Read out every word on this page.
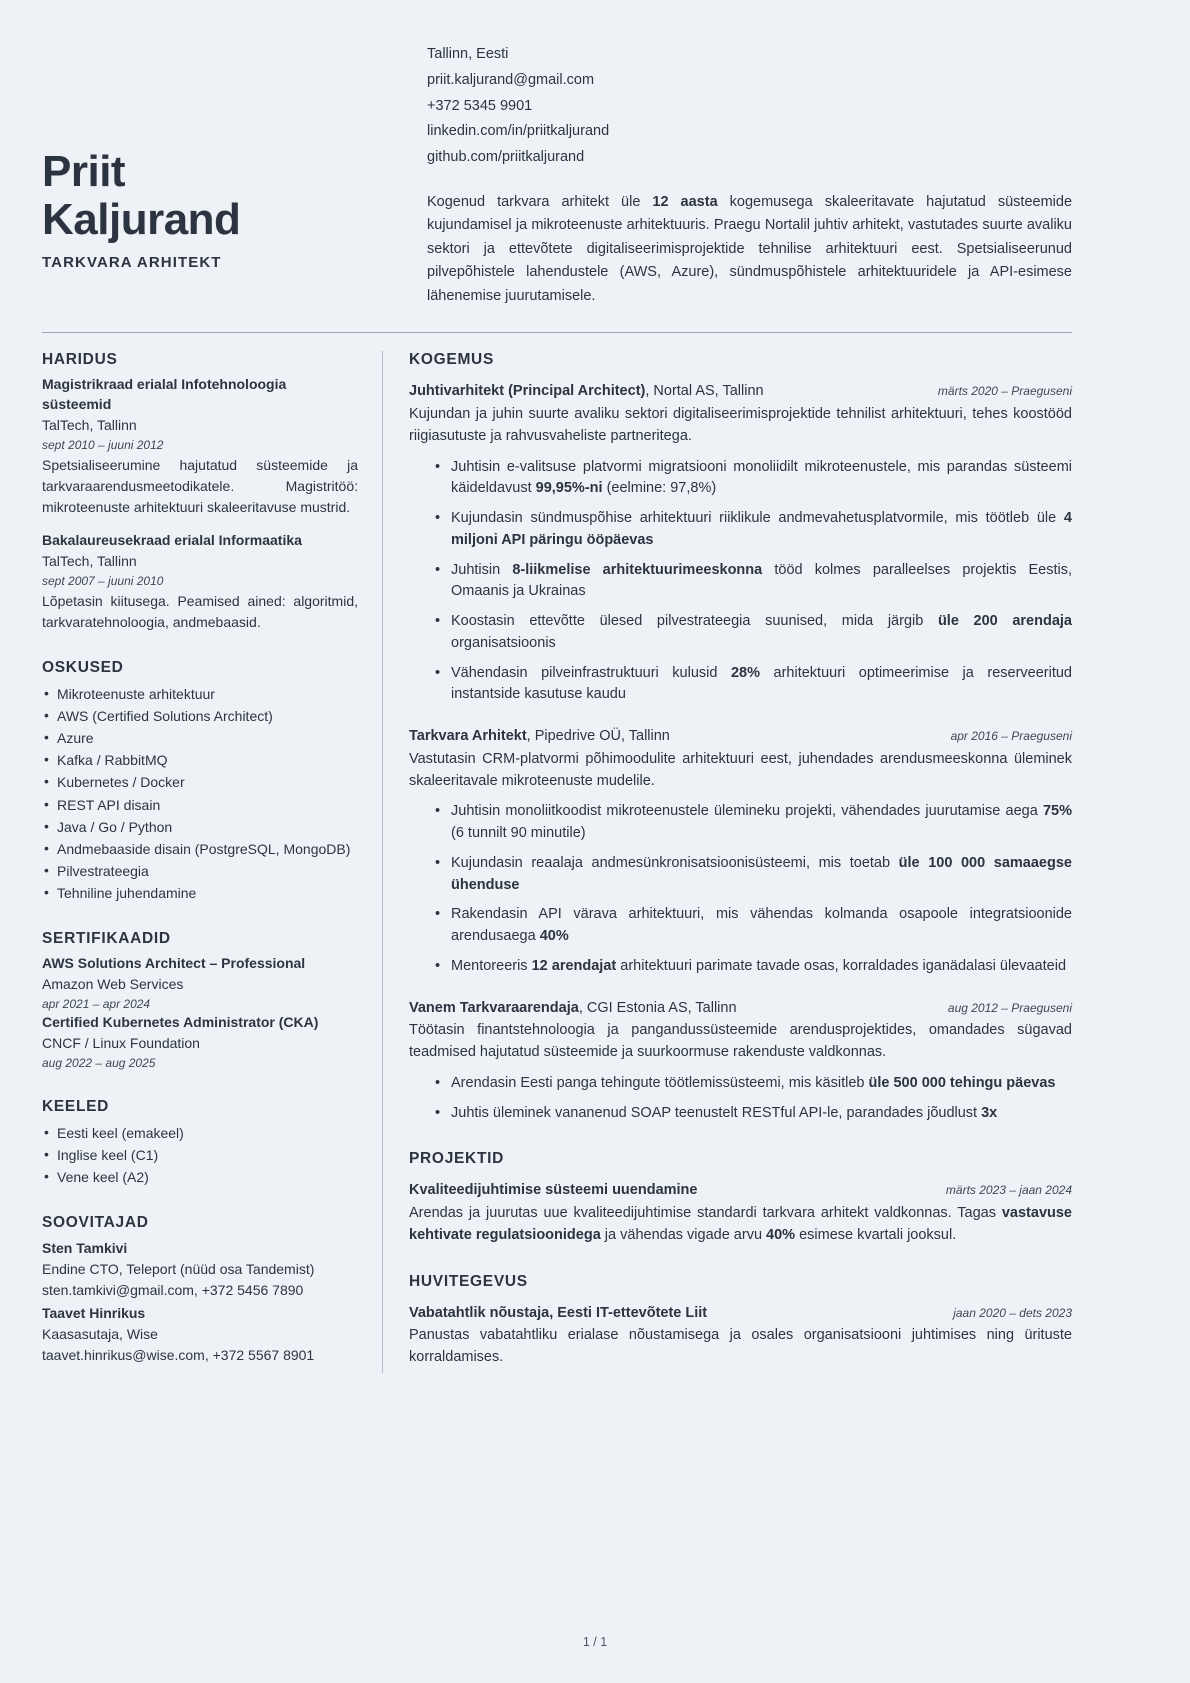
Priit
Kaljurand
TARKVARA ARHITEKT
Tallinn, Eesti
priit.kaljurand@gmail.com
+372 5345 9901
linkedin.com/in/priitkaljurand
github.com/priitkaljurand
Kogenud tarkvara arhitekt üle 12 aasta kogemusega skaleeritavate hajutatud süsteemide kujundamisel ja mikroteenuste arhitektuuris. Praegu Nortalil juhtiv arhitekt, vastutades suurte avaliku sektori ja ettevõtete digitaliseerimisprojektide tehnilise arhitektuuri eest. Spetsialiseerunud pilvepõhistele lahendustele (AWS, Azure), sündmuspõhistele arhitektuuridele ja API-esimese lähenemise juurutamisele.
HARIDUS
Magistrikraad erialal Infotehnoloogia süsteemid
TalTech, Tallinn
sept 2010 – juuni 2012
Spetsialiseerumine hajutatud süsteemide ja tarkvaraarendusmeetodikatele. Magistritöö: mikroteenuste arhitektuuri skaleeritavuse mustrid.
Bakalaureusekraad erialal Informaatika
TalTech, Tallinn
sept 2007 – juuni 2010
Lõpetasin kiitusega. Peamised ained: algoritmid, tarkvaratehnoloogia, andmebaasid.
OSKUSED
• Mikroteenuste arhitektuur
• AWS (Certified Solutions Architect)
• Azure
• Kafka / RabbitMQ
• Kubernetes / Docker
• REST API disain
• Java / Go / Python
• Andmebaaside disain (PostgreSQL, MongoDB)
• Pilvestrateegia
• Tehniline juhendamine
SERTIFIKAADID
AWS Solutions Architect – Professional
Amazon Web Services
apr 2021 – apr 2024
Certified Kubernetes Administrator (CKA)
CNCF / Linux Foundation
aug 2022 – aug 2025
KEELED
• Eesti keel (emakeel)
• Inglise keel (C1)
• Vene keel (A2)
SOOVITAJAD
Sten Tamkivi
Endine CTO, Teleport (nüüd osa Tandemist)
sten.tamkivi@gmail.com, +372 5456 7890
Taavet Hinrikus
Kaasasutaja, Wise
taavet.hinrikus@wise.com, +372 5567 8901
KOGEMUS
Juhtivarhitekt (Principal Architect), Nortal AS, Tallinn	märts 2020 – Praeguseni
Kujundan ja juhin suurte avaliku sektori digitaliseerimisprojektide tehnilist arhitektuuri, tehes koostööd riigiasutuste ja rahvusvaheliste partneritega.
• Juhtisin e-valitsuse platvormi migratsiooni monoliidilt mikroteenustele, mis parandas süsteemi käideldavust 99,95%-ni (eelmine: 97,8%)
• Kujundasin sündmuspõhise arhitektuuri riiklikule andmevahetusplatvormile, mis töötleb üle 4 miljoni API päringu ööpäevas
• Juhtisin 8-liikmelise arhitektuurimeeskonna tööd kolmes paralleelses projektis Eestis, Omaanis ja Ukrainas
• Koostasin ettevõtte ülesed pilvestrateegia suunised, mida järgib üle 200 arendaja organisatsioonis
• Vähendasin pilveinfrastruktuuri kulusid 28% arhitektuuri optimeerimise ja reserveeritud instantside kasutuse kaudu
Tarkvara Arhitekt, Pipedrive OÜ, Tallinn	apr 2016 – Praeguseni
Vastutasin CRM-platvormi põhimoodulite arhitektuuri eest, juhendades arendusmeeskonna üleminek skaleeritavale mikroteenuste mudelile.
• Juhtisin monoliitkoodist mikroteenustele ülemineku projekti, vähendades juurutamise aega 75% (6 tunnilt 90 minutile)
• Kujundasin reaalaja andmesünkronisatsioonisüsteemi, mis toetab üle 100 000 samaaegse ühenduse
• Rakendasin API värava arhitektuuri, mis vähendas kolmanda osapoole integratsioonide arendusaega 40%
• Mentoreeris 12 arendajat arhitektuuri parimate tavade osas, korraldades iganädalasi ülevaateid
Vanem Tarkvaraarendaja, CGI Estonia AS, Tallinn	aug 2012 – Praeguseni
Töötasin finantstehnoloogia ja pangandussüsteemide arendusprojektides, omandades sügavad teadmised hajutatud süsteemide ja suurkoormuse rakenduste valdkonnas.
• Arendasin Eesti panga tehingute töötlemissüsteemi, mis käsitleb üle 500 000 tehingu päevas
• Juhtis üleminek vananenud SOAP teenustelt RESTful API-le, parandades jõudlust 3x
PROJEKTID
Kvaliteedijuhtimise süsteemi uuendamine	märts 2023 – jaan 2024
Arendas ja juurutas uue kvaliteedijuhtimise standardi tarkvara arhitekt valdkonnas. Tagas vastavuse kehtivate regulatsioonidega ja vähendas vigade arvu 40% esimese kvartali jooksul.
HUVITEGEVUS
Vabatahtlik nõustaja, Eesti IT-ettevõtete Liit	jaan 2020 – dets 2023
Panustas vabatahtliku erialase nõustamisega ja osales organisatsiooni juhtimises ning ürituste korraldamises.
1 / 1
